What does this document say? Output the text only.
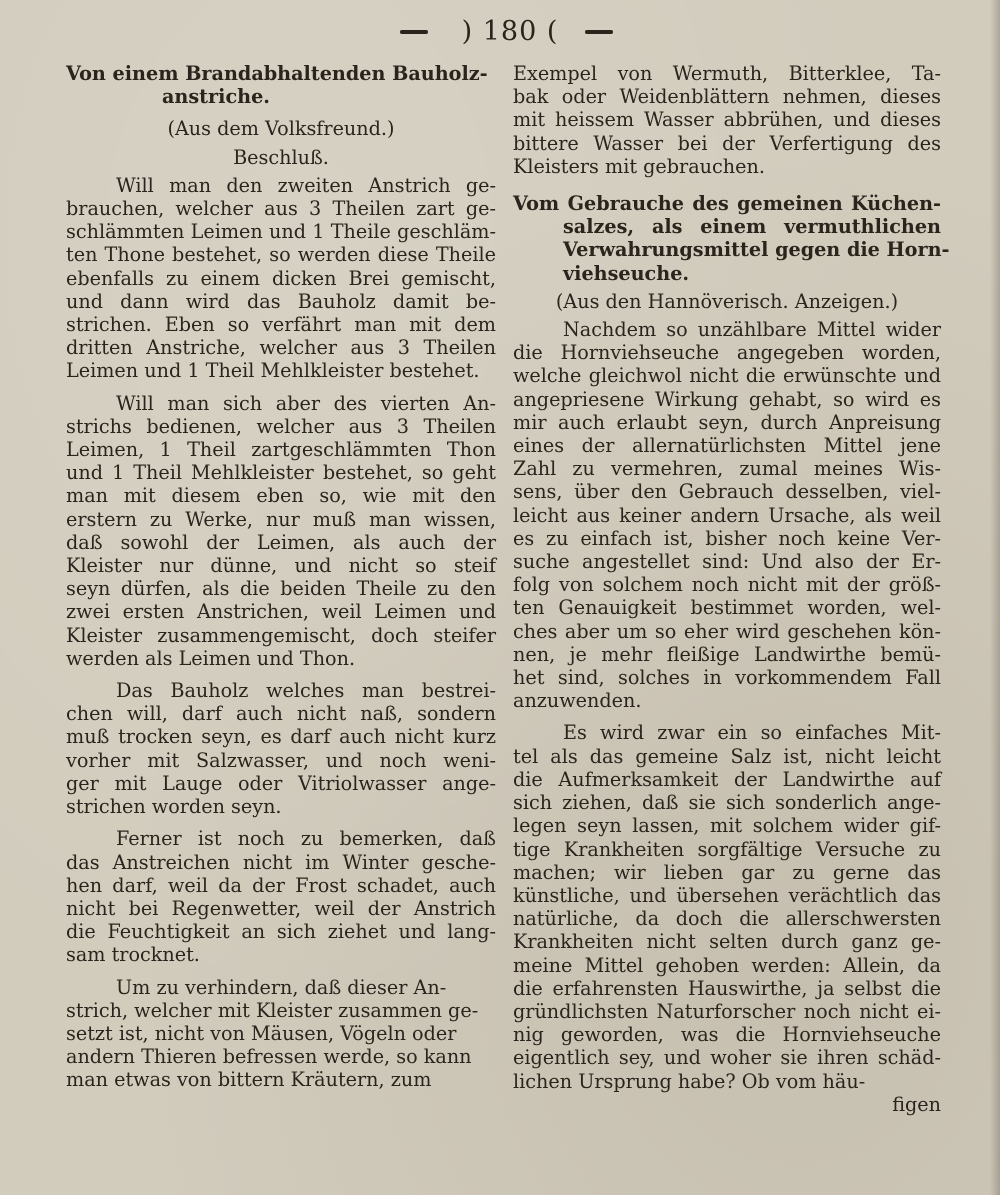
) 180 (
Von einem Brandabhaltenden Bauholz-
anstriche.
(Aus dem Volksfreund.)
Beschluß.
Will man den zweiten Anstrich ge-
brauchen, welcher aus 3 Theilen zart ge-
schlämmten Leimen und 1 Theile geschläm-
ten Thone bestehet, so werden diese Theile
ebenfalls zu einem dicken Brei gemischt,
und dann wird das Bauholz damit be-
strichen. Eben so verfährt man mit dem
dritten Anstriche, welcher aus 3 Theilen
Leimen und 1 Theil Mehlkleister bestehet.
Will man sich aber des vierten An-
strichs bedienen, welcher aus 3 Theilen
Leimen, 1 Theil zartgeschlämmten Thon
und 1 Theil Mehlkleister bestehet, so geht
man mit diesem eben so, wie mit den
erstern zu Werke, nur muß man wissen,
daß sowohl der Leimen, als auch der
Kleister nur dünne, und nicht so steif
seyn dürfen, als die beiden Theile zu den
zwei ersten Anstrichen, weil Leimen und
Kleister zusammengemischt, doch steifer
werden als Leimen und Thon.
Das Bauholz welches man bestrei-
chen will, darf auch nicht naß, sondern
muß trocken seyn, es darf auch nicht kurz
vorher mit Salzwasser, und noch weni-
ger mit Lauge oder Vitriolwasser ange-
strichen worden seyn.
Ferner ist noch zu bemerken, daß
das Anstreichen nicht im Winter gesche-
hen darf, weil da der Frost schadet, auch
nicht bei Regenwetter, weil der Anstrich
die Feuchtigkeit an sich ziehet und lang-
sam trocknet.
Um zu verhindern, daß dieser An-
strich, welcher mit Kleister zusammen ge-
setzt ist, nicht von Mäusen, Vögeln oder
andern Thieren befressen werde, so kann
man etwas von bittern Kräutern, zum
Exempel von Wermuth, Bitterklee, Ta-
bak oder Weidenblättern nehmen, dieses
mit heissem Wasser abbrühen, und dieses
bittere Wasser bei der Verfertigung des
Kleisters mit gebrauchen.
Vom Gebrauche des gemeinen Küchen-
salzes, als einem vermuthlichen
Verwahrungsmittel gegen die Horn-
viehseuche.
(Aus den Hannöverisch. Anzeigen.)
Nachdem so unzählbare Mittel wider
die Hornviehseuche angegeben worden,
welche gleichwol nicht die erwünschte und
angepriesene Wirkung gehabt, so wird es
mir auch erlaubt seyn, durch Anpreisung
eines der allernatürlichsten Mittel jene
Zahl zu vermehren, zumal meines Wis-
sens, über den Gebrauch desselben, viel-
leicht aus keiner andern Ursache, als weil
es zu einfach ist, bisher noch keine Ver-
suche angestellet sind: Und also der Er-
folg von solchem noch nicht mit der größ-
ten Genauigkeit bestimmet worden, wel-
ches aber um so eher wird geschehen kön-
nen, je mehr fleißige Landwirthe bemü-
het sind, solches in vorkommendem Fall
anzuwenden.
Es wird zwar ein so einfaches Mit-
tel als das gemeine Salz ist, nicht leicht
die Aufmerksamkeit der Landwirthe auf
sich ziehen, daß sie sich sonderlich ange-
legen seyn lassen, mit solchem wider gif-
tige Krankheiten sorgfältige Versuche zu
machen; wir lieben gar zu gerne das
künstliche, und übersehen verächtlich das
natürliche, da doch die allerschwersten
Krankheiten nicht selten durch ganz ge-
meine Mittel gehoben werden: Allein, da
die erfahrensten Hauswirthe, ja selbst die
gründlichsten Naturforscher noch nicht ei-
nig geworden, was die Hornviehseuche
eigentlich sey, und woher sie ihren schäd-
lichen Ursprung habe? Ob vom häu-
figen
